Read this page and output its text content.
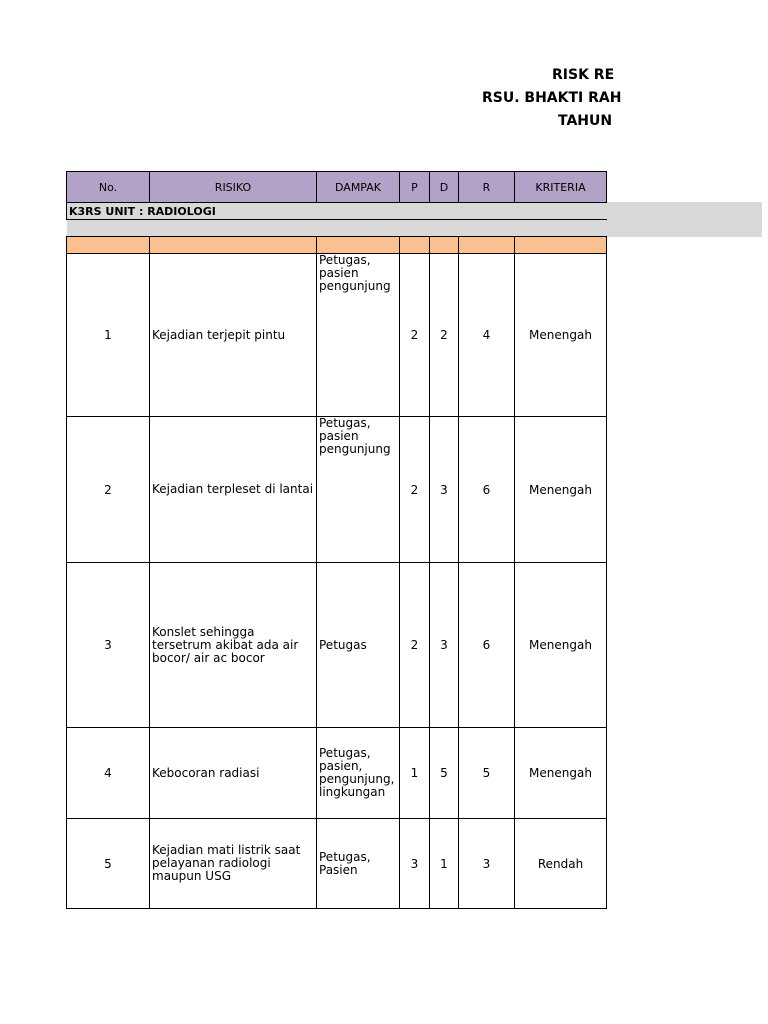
RISK RE
RSU. BHAKTI RAH
TAHUN
No.	RISIKO	DAMPAK	P	D	R	KRITERIA
K3RS UNIT : RADIOLOGI						

1	Kejadian terjepit pintu	Petugas, pasien pengunjung	2	2	4	Menengah
2	Kejadian terpleset di lantai	Petugas, pasien pengunjung	2	3	6	Menengah
3	Konslet sehingga tersetrum akibat ada air bocor/ air ac bocor	Petugas	2	3	6	Menengah
4	Kebocoran radiasi	Petugas, pasien, pengunjung, lingkungan	1	5	5	Menengah
5	Kejadian mati listrik saat pelayanan radiologi maupun USG	Petugas, Pasien	3	1	3	Rendah
